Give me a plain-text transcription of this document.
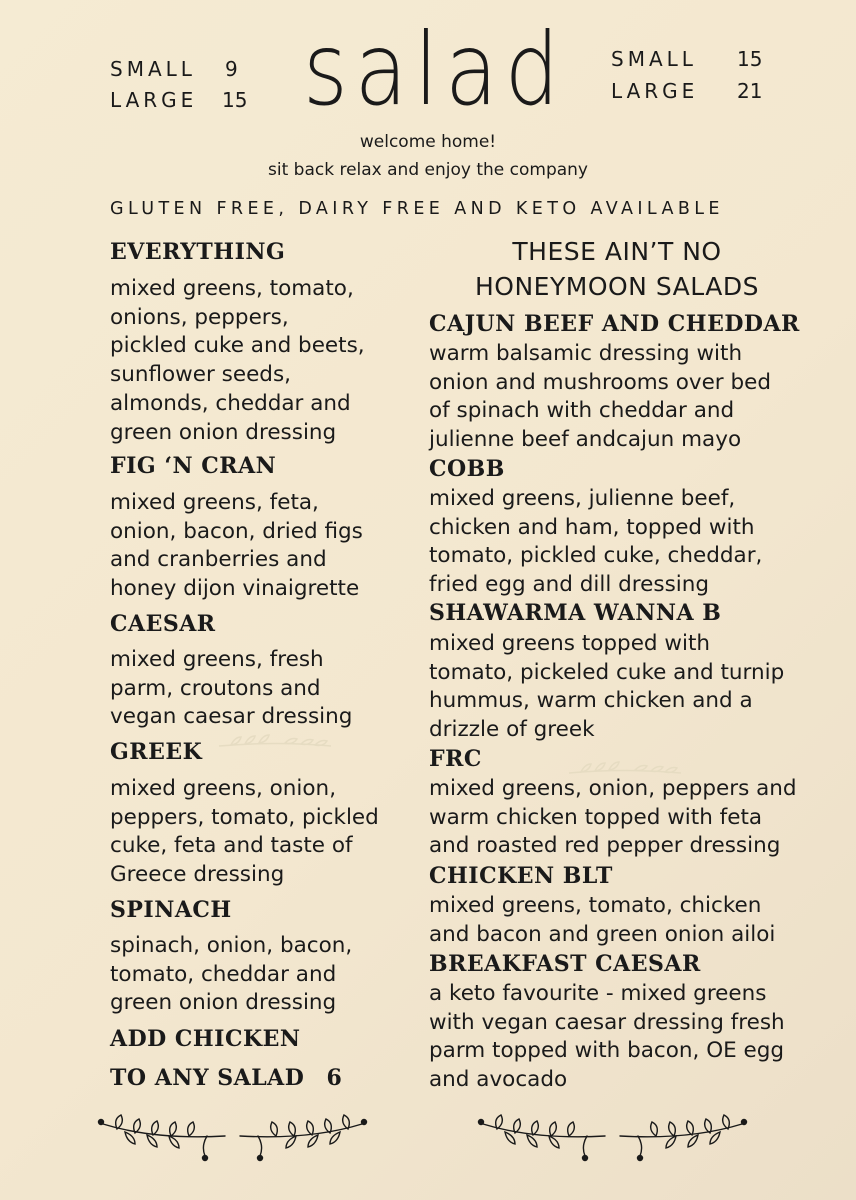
SMALL 9
LARGE 15 salad SMALL 15
LARGE 21
welcome home!
sit back relax and enjoy the company
GLUTEN FREE, DAIRY FREE AND KETO AVAILABLE
EVERYTHING
mixed greens, tomato,
onions, peppers,
pickled cuke and beets,
sunflower seeds,
almonds, cheddar and
green onion dressing
FIG ‘N CRAN
mixed greens, feta,
onion, bacon, dried figs
and cranberries and
honey dijon vinaigrette
CAESAR
mixed greens, fresh
parm, croutons and
vegan caesar dressing
GREEK
mixed greens, onion,
peppers, tomato, pickled
cuke, feta and taste of
Greece dressing
SPINACH
spinach, onion, bacon,
tomato, cheddar and
green onion dressing
ADD CHICKEN
TO ANY SALAD 6
THESE AIN’T NO
HONEYMOON SALADS
CAJUN BEEF AND CHEDDAR
warm balsamic dressing with
onion and mushrooms over bed
of spinach with cheddar and
julienne beef andcajun mayo
COBB
mixed greens, julienne beef,
chicken and ham, topped with
tomato, pickled cuke, cheddar,
fried egg and dill dressing
SHAWARMA WANNA B
mixed greens topped with
tomato, pickeled cuke and turnip
hummus, warm chicken and a
drizzle of greek
FRC
mixed greens, onion, peppers and
warm chicken topped with feta
and roasted red pepper dressing
CHICKEN BLT
mixed greens, tomato, chicken
and bacon and green onion ailoi
BREAKFAST CAESAR
a keto favourite - mixed greens
with vegan caesar dressing fresh
parm topped with bacon, OE egg
and avocado
